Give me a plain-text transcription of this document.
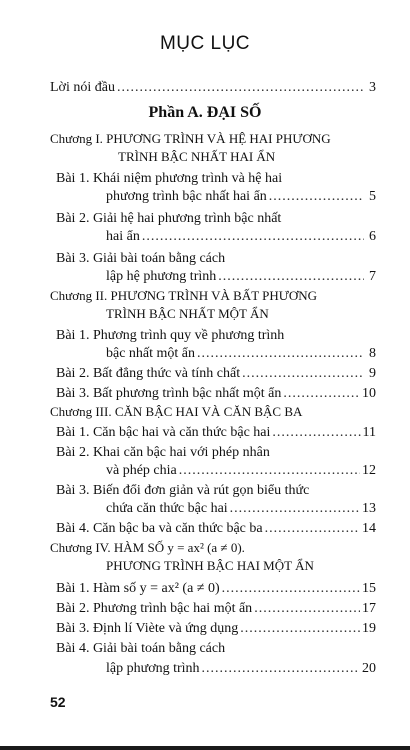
MỤC LỤC
Lời nói đầu .....	3
Phần A. ĐẠI SỐ
Chương I. PHƯƠNG TRÌNH VÀ HỆ HAI PHƯƠNG
TRÌNH BẬC NHẤT HAI ẨN
Bài 1. Khái niệm phương trình và hệ hai
phương trình bậc nhất hai ẩn .....	5
Bài 2. Giải hệ hai phương trình bậc nhất
hai ẩn .....	6
Bài 3. Giải bài toán bằng cách
lập hệ phương trình .....	7
Chương II. PHƯƠNG TRÌNH VÀ BẤT PHƯƠNG
TRÌNH BẬC NHẤT MỘT ẨN
Bài 1. Phương trình quy về phương trình
bậc nhất một ẩn .....	8
Bài 2. Bất đẳng thức và tính chất .....	9
Bài 3. Bất phương trình bậc nhất một ẩn .....	10
Chương III. CĂN BẬC HAI VÀ CĂN BẬC BA
Bài 1. Căn bậc hai và căn thức bậc hai .....	11
Bài 2. Khai căn bậc hai với phép nhân
và phép chia .....	12
Bài 3. Biến đổi đơn giản và rút gọn biểu thức
chứa căn thức bậc hai .....	13
Bài 4. Căn bậc ba và căn thức bậc ba .....	14
Chương IV. HÀM SỐ y = ax² (a ≠ 0).
PHƯƠNG TRÌNH BẬC HAI MỘT ẨN
Bài 1. Hàm số y = ax² (a ≠ 0) .....	15
Bài 2. Phương trình bậc hai một ẩn .....	17
Bài 3. Định lí Viète và ứng dụng .....	19
Bài 4. Giải bài toán bằng cách
lập phương trình .....	20
52
